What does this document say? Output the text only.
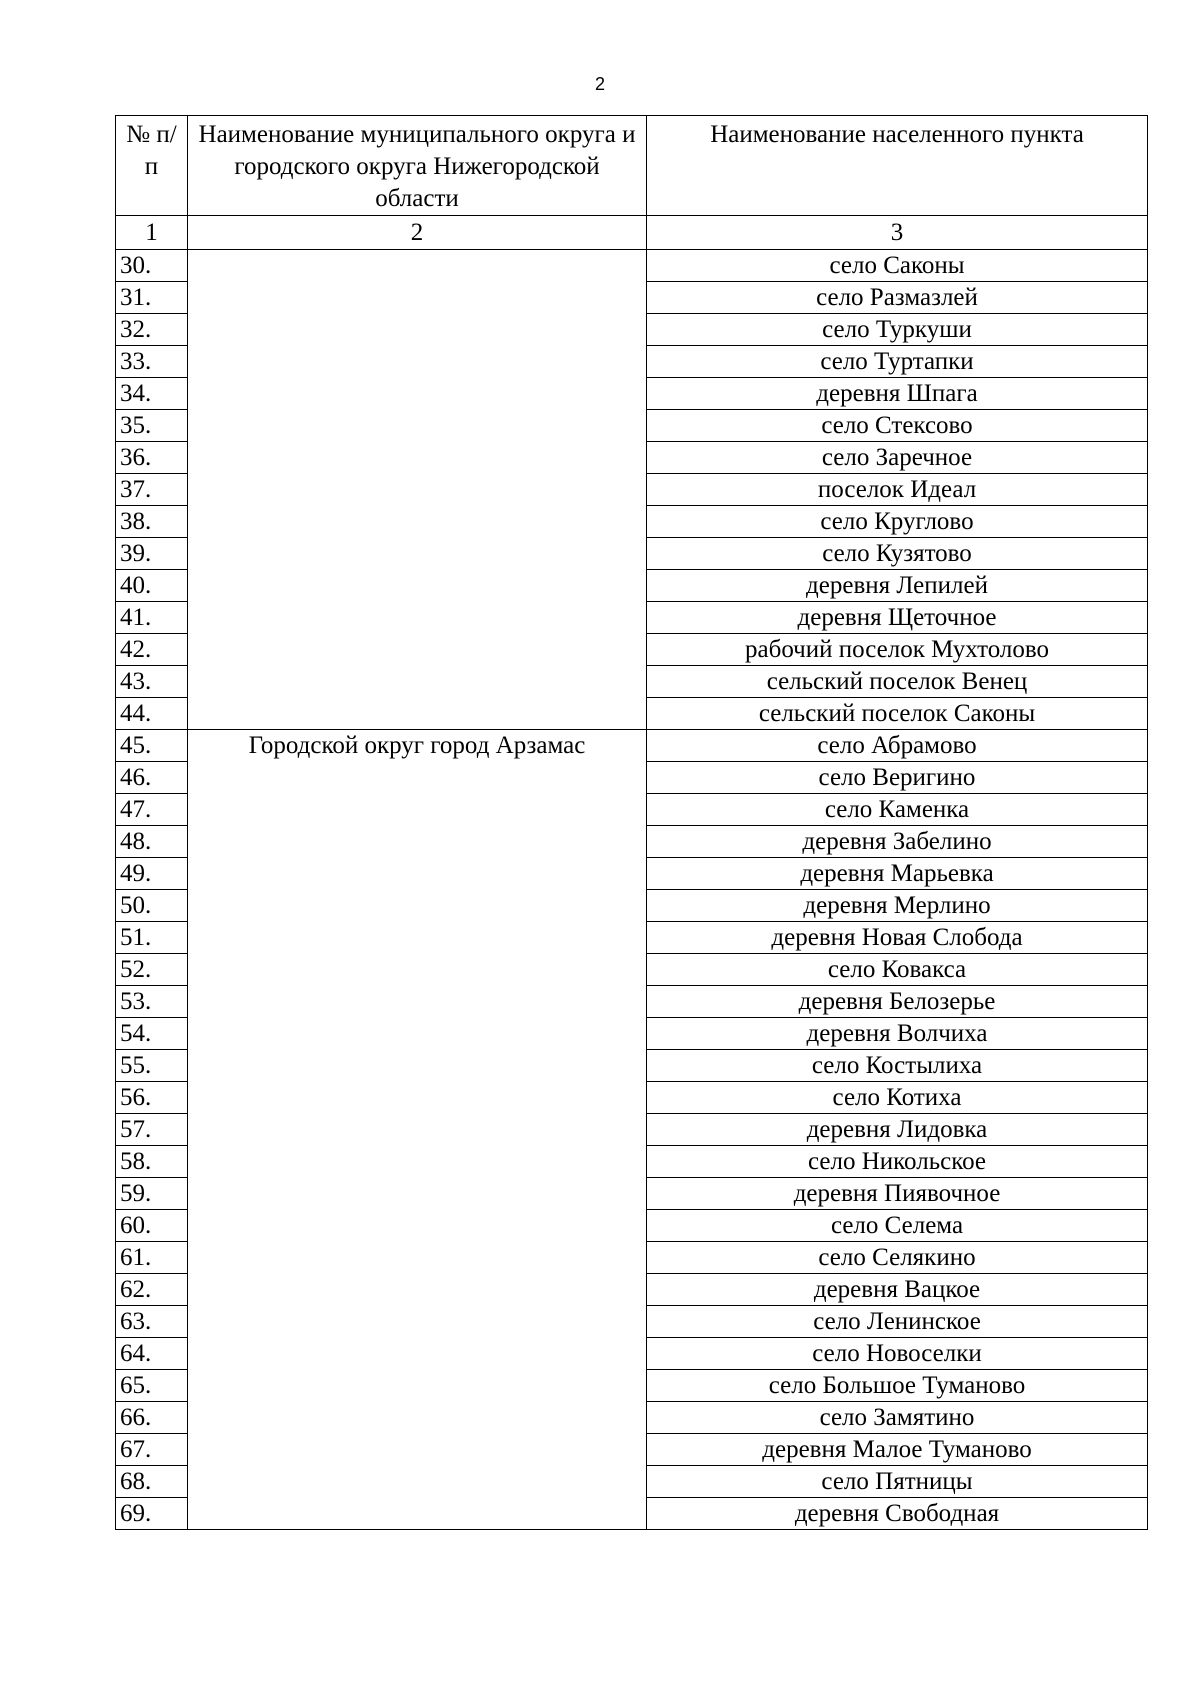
2
№ п/п	Наименование муниципального округа и городского округа Нижегородской области	Наименование населенного пункта
1	2	3
30.		село Саконы
31.		село Размазлей
32.		село Туркуши
33.		село Туртапки
34.		деревня Шпага
35.		село Стексово
36.		село Заречное
37.		поселок Идеал
38.		село Круглово
39.		село Кузятово
40.		деревня Лепилей
41.		деревня Щеточное
42.		рабочий поселок Мухтолово
43.		сельский поселок Венец
44.		сельский поселок Саконы
45.	Городской округ город Арзамас	село Абрамово
46.		село Веригино
47.		село Каменка
48.		деревня Забелино
49.		деревня Марьевка
50.		деревня Мерлино
51.		деревня Новая Слобода
52.		село Ковакса
53.		деревня Белозерье
54.		деревня Волчиха
55.		село Костылиха
56.		село Котиха
57.		деревня Лидовка
58.		село Никольское
59.		деревня Пиявочное
60.		село Селема
61.		село Селякино
62.		деревня Вацкое
63.		село Ленинское
64.		село Новоселки
65.		село Большое Туманово
66.		село Замятино
67.		деревня Малое Туманово
68.		село Пятницы
69.		деревня Свободная
